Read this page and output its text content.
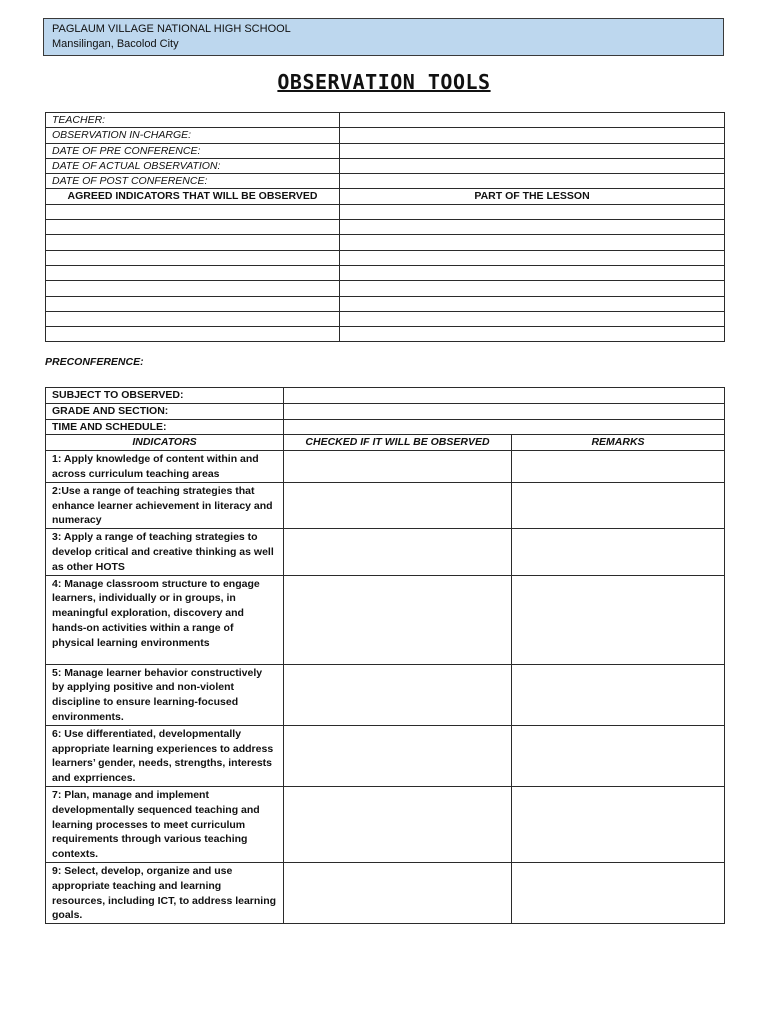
PAGLAUM VILLAGE NATIONAL HIGH SCHOOL
Mansilingan, Bacolod City
OBSERVATION TOOLS
TEACHER:	
OBSERVATION IN-CHARGE:	
DATE OF PRE CONFERENCE:	
DATE OF ACTUAL OBSERVATION:	
DATE OF POST CONFERENCE:	
AGREED INDICATORS THAT WILL BE OBSERVED	PART OF THE LESSON

PRECONFERENCE:
SUBJECT TO OBSERVED:		
GRADE AND SECTION:		
TIME AND SCHEDULE:		
INDICATORS	CHECKED IF IT WILL BE OBSERVED	REMARKS
1: Apply knowledge of content within and across curriculum teaching areas		
2:Use a range of teaching strategies that enhance learner achievement in literacy and numeracy		
3: Apply a range of teaching strategies to develop critical and creative thinking as well as other HOTS		
4: Manage classroom structure to engage learners, individually or in groups, in meaningful exploration, discovery and hands-on activities within a range of physical learning environments		
5: Manage learner behavior constructively by applying positive and non-violent discipline to ensure learning-focused environments.		
6: Use differentiated, developmentally appropriate learning experiences to address learners’ gender, needs, strengths, interests and exprriences.		
7: Plan, manage and implement developmentally sequenced teaching and learning processes to meet curriculum requirements through various teaching contexts.		
9: Select, develop, organize and use appropriate teaching and learning resources, including ICT, to address learning goals.		
